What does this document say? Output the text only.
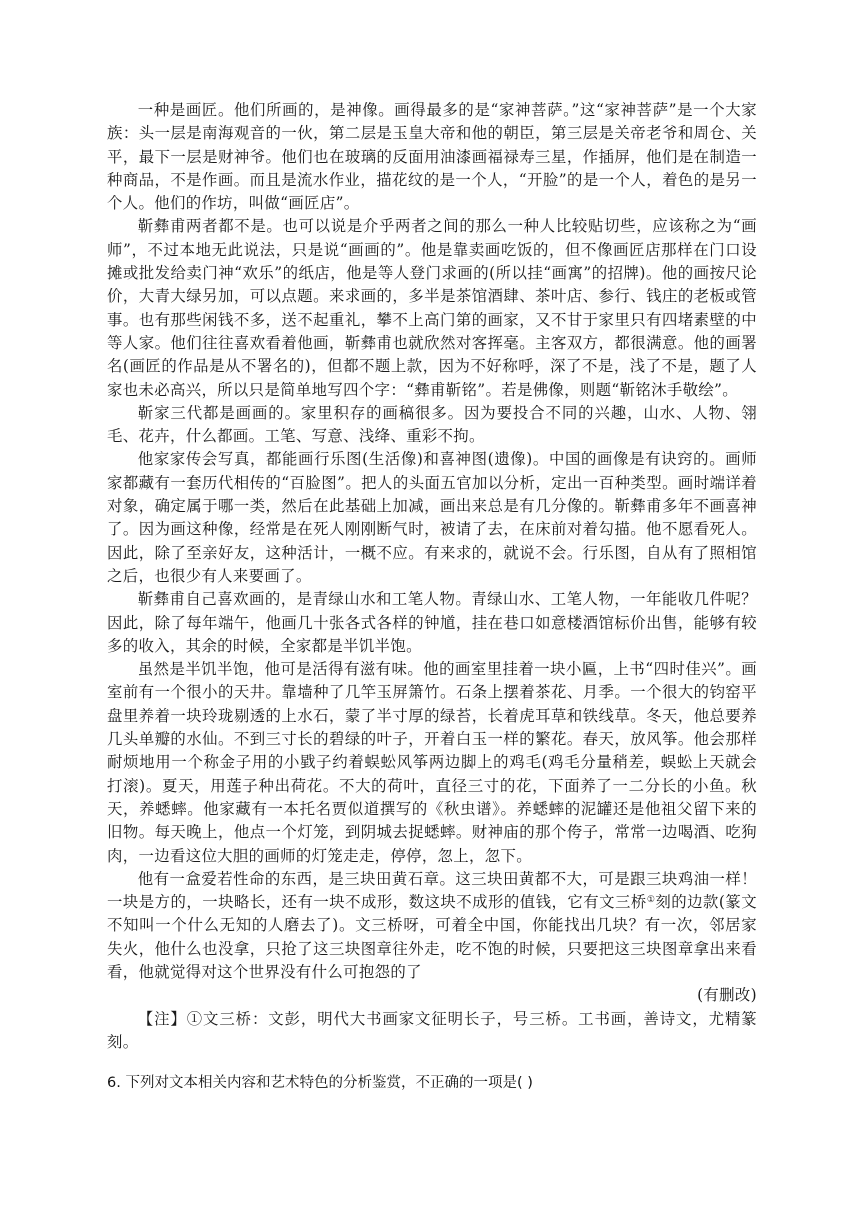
一种是画匠。他们所画的，是神像。画得最多的是“家神菩萨。”这“家神菩萨”是一个大家族：头一层是南海观音的一伙，第二层是玉皇大帝和他的朝臣，第三层是关帝老爷和周仓、关平，最下一层是财神爷。他们也在玻璃的反面用油漆画福禄寿三星，作插屏，他们是在制造一种商品，不是作画。而且是流水作业，描花纹的是一个人，“开脸”的是一个人，着色的是另一个人。他们的作坊，叫做“画匠店”。

靳彝甫两者都不是。也可以说是介乎两者之间的那么一种人比较贴切些，应该称之为“画师”，不过本地无此说法，只是说“画画的”。他是靠卖画吃饭的，但不像画匠店那样在门口设摊或批发给卖门神“欢乐”的纸店，他是等人登门求画的(所以挂“画寓”的招牌)。他的画按尺论价，大青大绿另加，可以点题。来求画的，多半是茶馆酒肆、茶叶店、参行、钱庄的老板或管事。也有那些闲钱不多，送不起重礼，攀不上高门第的画家，又不甘于家里只有四堵素壁的中等人家。他们往往喜欢看着他画，靳彝甫也就欣然对客挥毫。主客双方，都很满意。他的画署名(画匠的作品是从不署名的)，但都不题上款，因为不好称呼，深了不是，浅了不是，题了人家也未必高兴，所以只是简单地写四个字：“彝甫靳铭”。若是佛像，则题“靳铭沐手敬绘”。

靳家三代都是画画的。家里积存的画稿很多。因为要投合不同的兴趣，山水、人物、翎毛、花卉，什么都画。工笔、写意、浅绛、重彩不拘。

他家家传会写真，都能画行乐图(生活像)和喜神图(遗像)。中国的画像是有诀窍的。画师家都藏有一套历代相传的“百脸图”。把人的头面五官加以分析，定出一百种类型。画时端详着对象，确定属于哪一类，然后在此基础上加减，画出来总是有几分像的。靳彝甫多年不画喜神了。因为画这种像，经常是在死人刚刚断气时，被请了去，在床前对着勾描。他不愿看死人。因此，除了至亲好友，这种活计，一概不应。有来求的，就说不会。行乐图，自从有了照相馆之后，也很少有人来要画了。

靳彝甫自己喜欢画的，是青绿山水和工笔人物。青绿山水、工笔人物，一年能收几件呢？因此，除了每年端午，他画几十张各式各样的钟馗，挂在巷口如意楼酒馆标价出售，能够有较多的收入，其余的时候，全家都是半饥半饱。

虽然是半饥半饱，他可是活得有滋有味。他的画室里挂着一块小匾，上书“四时佳兴”。画室前有一个很小的天井。靠墙种了几竿玉屏箫竹。石条上摆着茶花、月季。一个很大的钧窑平盘里养着一块玲珑剔透的上水石，蒙了半寸厚的绿苔，长着虎耳草和铁线草。冬天，他总要养几头单瓣的水仙。不到三寸长的碧绿的叶子，开着白玉一样的繁花。春天，放风筝。他会那样耐烦地用一个称金子用的小戥子约着蜈蚣风筝两边脚上的鸡毛(鸡毛分量稍差，蜈蚣上天就会打滚)。夏天，用莲子种出荷花。不大的荷叶，直径三寸的花，下面养了一二分长的小鱼。秋天，养蟋蟀。他家藏有一本托名贾似道撰写的《秋虫谱》。养蟋蟀的泥罐还是他祖父留下来的旧物。每天晚上，他点一个灯笼，到阴城去捉蟋蟀。财神庙的那个侉子，常常一边喝酒、吃狗肉，一边看这位大胆的画师的灯笼走走，停停，忽上，忽下。

他有一盒爱若性命的东西，是三块田黄石章。这三块田黄都不大，可是跟三块鸡油一样！一块是方的，一块略长，还有一块不成形，数这块不成形的值钱，它有文三桥①刻的边款(篆文不知叫一个什么无知的人磨去了)。文三桥呀，可着全中国，你能找出几块？有一次，邻居家失火，他什么也没拿，只抢了这三块图章往外走，吃不饱的时候，只要把这三块图章拿出来看看，他就觉得对这个世界没有什么可抱怨的了

(有删改)

【注】①文三桥：文彭，明代大书画家文征明长子，号三桥。工书画，善诗文，尤精篆刻。

6. 下列对文本相关内容和艺术特色的分析鉴赏，不正确的一项是( )
